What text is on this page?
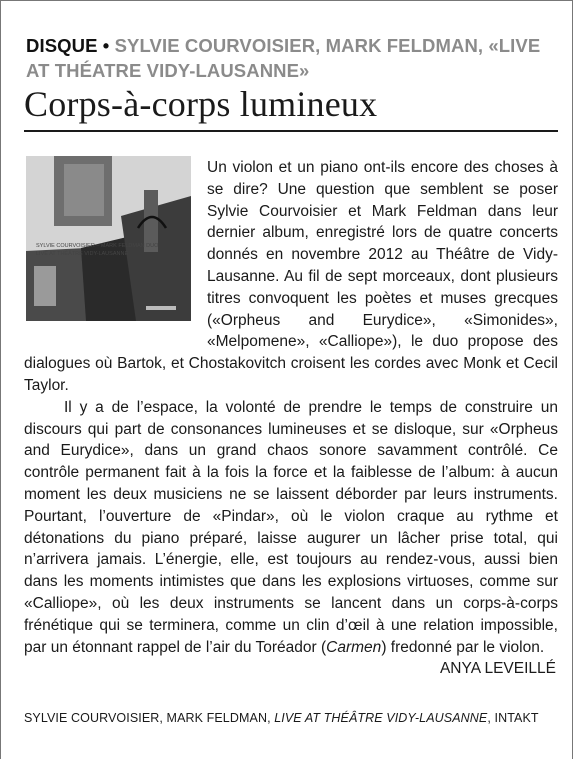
DISQUE • SYLVIE COURVOISIER, MARK FELDMAN, «LIVE AT THÉATRE VIDY-LAUSANNE»
Corps-à-corps lumineux
SYLVIE COURVOISIER – MARK FELDMAN DUO
LIVE AT THÉÂTRE VIDY-LAUSANNE

Un violon et un piano ont-ils encore des choses à se dire? Une question que semblent se poser Sylvie Courvoisier et Mark Feldman dans leur dernier album, enregistré lors de quatre concerts donnés en novembre 2012 au Théâtre de Vidy-Lausanne. Au fil de sept morceaux, dont plusieurs titres convoquent les poètes et muses grecques («Orpheus and Eurydice», «Simonides», «Melpomene», «Calliope»), le duo propose des dialogues où Bartok, et Chostakovitch croisent les cordes avec Monk et Cecil Taylor.

Il y a de l’espace, la volonté de prendre le temps de construire un discours qui part de consonances lumineuses et se disloque, sur «Orpheus and Eurydice», dans un grand chaos sonore savamment contrôlé. Ce contrôle permanent fait à la fois la force et la faiblesse de l’album: à aucun moment les deux musiciens ne se laissent déborder par leurs instruments. Pourtant, l’ouverture de «Pindar», où le violon craque au rythme et détonations du piano préparé, laisse augurer un lâcher prise total, qui n’arrivera jamais. L’énergie, elle, est toujours au rendez-vous, aussi bien dans les moments intimistes que dans les explosions virtuoses, comme sur «Calliope», où les deux instruments se lancent dans un corps-à-corps frénétique qui se terminera, comme un clin d’œil à une relation impossible, par un étonnant rappel de l’air du Toréador (Carmen) fredonné par le violon.
ANYA LEVEILLÉ

SYLVIE COURVOISIER, MARK FELDMAN, LIVE AT THÉÂTRE VIDY-LAUSANNE, INTAKT
